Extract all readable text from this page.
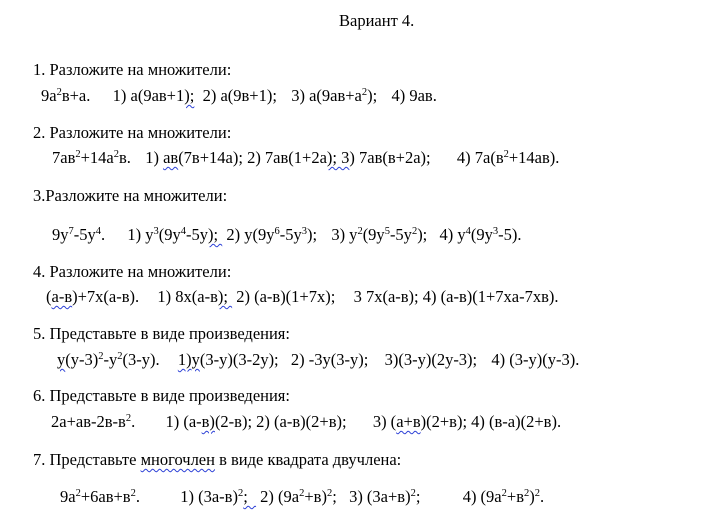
Вариант 4.
1. Разложите на множители:
$9a^2в+a$. 1) a(9aв+1);  2) a(9в+1); 3) $a(9aв+a^2)$; 4) 9aв.
2. Разложите на множители:
$7aв^2+14a^2в$. 1) aв(7в+14a); 2) 7aв(1+2a); 3) 7aв(в+2a); 4) $7a(в^2+14aв)$.
3.Разложите на множители:
$9y^7-5y^4$. 1) $y^3(9y^4-5y)$;  2) $y(9y^6-5y^3)$; 3) $y^2(9y^5-5y^2)$; 4) $y^4(9y^3-5)$.
4. Разложите на множители:
(a-в)+7x(a-в). 1) 8x(a-в);  2) (a-в)(1+7x); 3 7x(a-в); 4) (a-в)(1+7xa-7xв).
5. Представьте в виде произведения:
$y(y-3)^2-y^2(3-y)$. 1)y(3-y)(3-2y); 2) -3y(3-y); 3)(3-y)(2y-3); 4) (3-y)(y-3).
6. Представьте в виде произведения:
$2a+aв-2в-в^2$. 1) (a-в)(2-в); 2) (a-в)(2+в); 3) (a+в)(2+в); 4) (в-a)(2+в).
7. Представьте многочлен в виде квадрата двучлена:
$9a^2+6aв+в^2$. 1) $(3a-в)^2$;   2) $(9a^2+в)^2$; 3) $(3a+в)^2$;	4) $(9a^2+в^2)^2$.
